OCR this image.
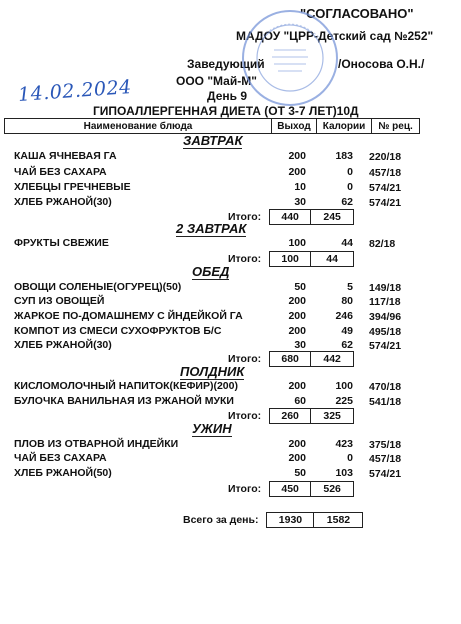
"СОГЛАСОВАНО"
МАДОУ "ЦРР-Детский сад №252"
Заведующий	/Оносова О.Н./
ООО "Май-М"
День 9
ГИПОАЛЛЕРГЕННАЯ ДИЕТА (ОТ 3-7 ЛЕТ)10Д
14.02.2024
Наименование блюда	Выход	Калории	№ рец.
ЗАВТРАК
КАША ЯЧНЕВАЯ ГА	200	183 220/18
ЧАЙ БЕЗ САХАРА	200	0 457/18
ХЛЕБЦЫ ГРЕЧНЕВЫЕ	10	0 574/21
ХЛЕБ РЖАНОЙ(30)	30	62 574/21
Итого:	440	245
2 ЗАВТРАК
ФРУКТЫ СВЕЖИЕ	100	44 82/18
Итого:	100	44
ОБЕД
ОВОЩИ СОЛЕНЫЕ(ОГУРЕЦ)(50)	50	5 149/18
СУП ИЗ ОВОЩЕЙ	200	80 117/18
ЖАРКОЕ ПО-ДОМАШНЕМУ С ЙНДЕЙКОЙ ГА	200	246 394/96
КОМПОТ ИЗ СМЕСИ СУХОФРУКТОВ Б/С	200	49 495/18
ХЛЕБ РЖАНОЙ(30)	30	62 574/21
Итого:	680	442
ПОЛДНИК
КИСЛОМОЛОЧНЫЙ НАПИТОК(КЕФИР)(200)	200	100 470/18
БУЛОЧКА ВАНИЛЬНАЯ ИЗ РЖАНОЙ МУКИ	60	225 541/18
Итого:	260	325
УЖИН
ПЛОВ ИЗ ОТВАРНОЙ ИНДЕЙКИ	200	423 375/18
ЧАЙ БЕЗ САХАРА	200	0 457/18
ХЛЕБ РЖАНОЙ(50)	50	103 574/21
Итого:	450	526
Всего за день:	1930	1582
